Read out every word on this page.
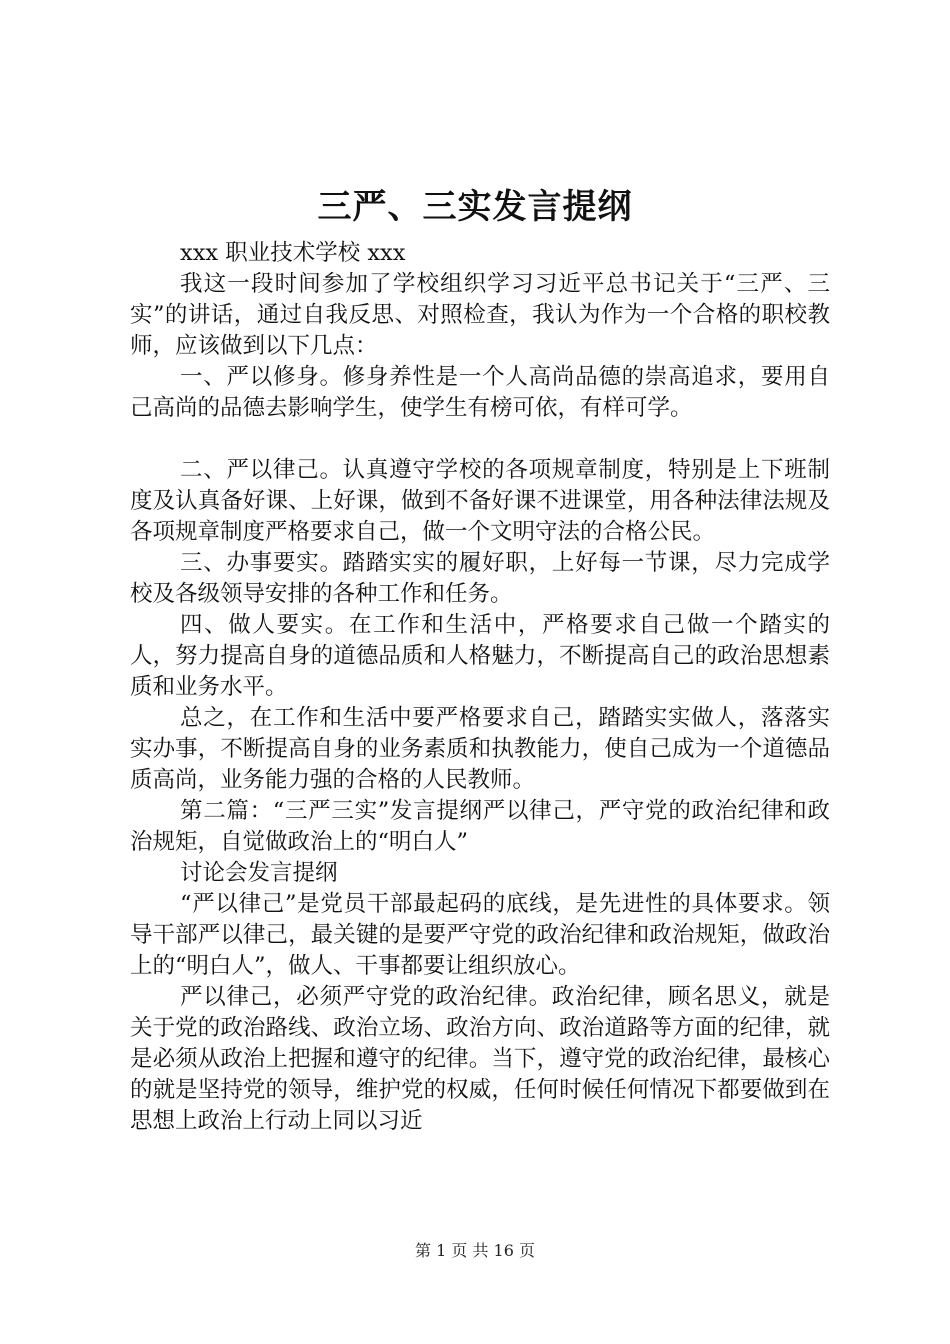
三严、三实发言提纲

xxx 职业技术学校 xxx

我这一段时间参加了学校组织学习习近平总书记关于“三严、三实”的讲话，通过自我反思、对照检查，我认为作为一个合格的职校教师，应该做到以下几点：

一、严以修身。修身养性是一个人高尚品德的崇高追求，要用自己高尚的品德去影响学生，使学生有榜可依，有样可学。

二、严以律己。认真遵守学校的各项规章制度，特别是上下班制度及认真备好课、上好课，做到不备好课不进课堂，用各种法律法规及各项规章制度严格要求自己，做一个文明守法的合格公民。

三、办事要实。踏踏实实的履好职，上好每一节课，尽力完成学校及各级领导安排的各种工作和任务。

四、做人要实。在工作和生活中，严格要求自己做一个踏实的人，努力提高自身的道德品质和人格魅力，不断提高自己的政治思想素质和业务水平。

总之，在工作和生活中要严格要求自己，踏踏实实做人，落落实实办事，不断提高自身的业务素质和执教能力，使自己成为一个道德品质高尚，业务能力强的合格的人民教师。

第二篇：“三严三实”发言提纲严以律己，严守党的政治纪律和政治规矩，自觉做政治上的“明白人”

讨论会发言提纲

“严以律己”是党员干部最起码的底线，是先进性的具体要求。领导干部严以律己，最关键的是要严守党的政治纪律和政治规矩，做政治上的“明白人”，做人、干事都要让组织放心。

严以律己，必须严守党的政治纪律。政治纪律，顾名思义，就是关于党的政治路线、政治立场、政治方向、政治道路等方面的纪律，就是必须从政治上把握和遵守的纪律。当下，遵守党的政治纪律，最核心的就是坚持党的领导，维护党的权威，任何时候任何情况下都要做到在思想上政治上行动上同以习近

第 1 页 共 16 页
